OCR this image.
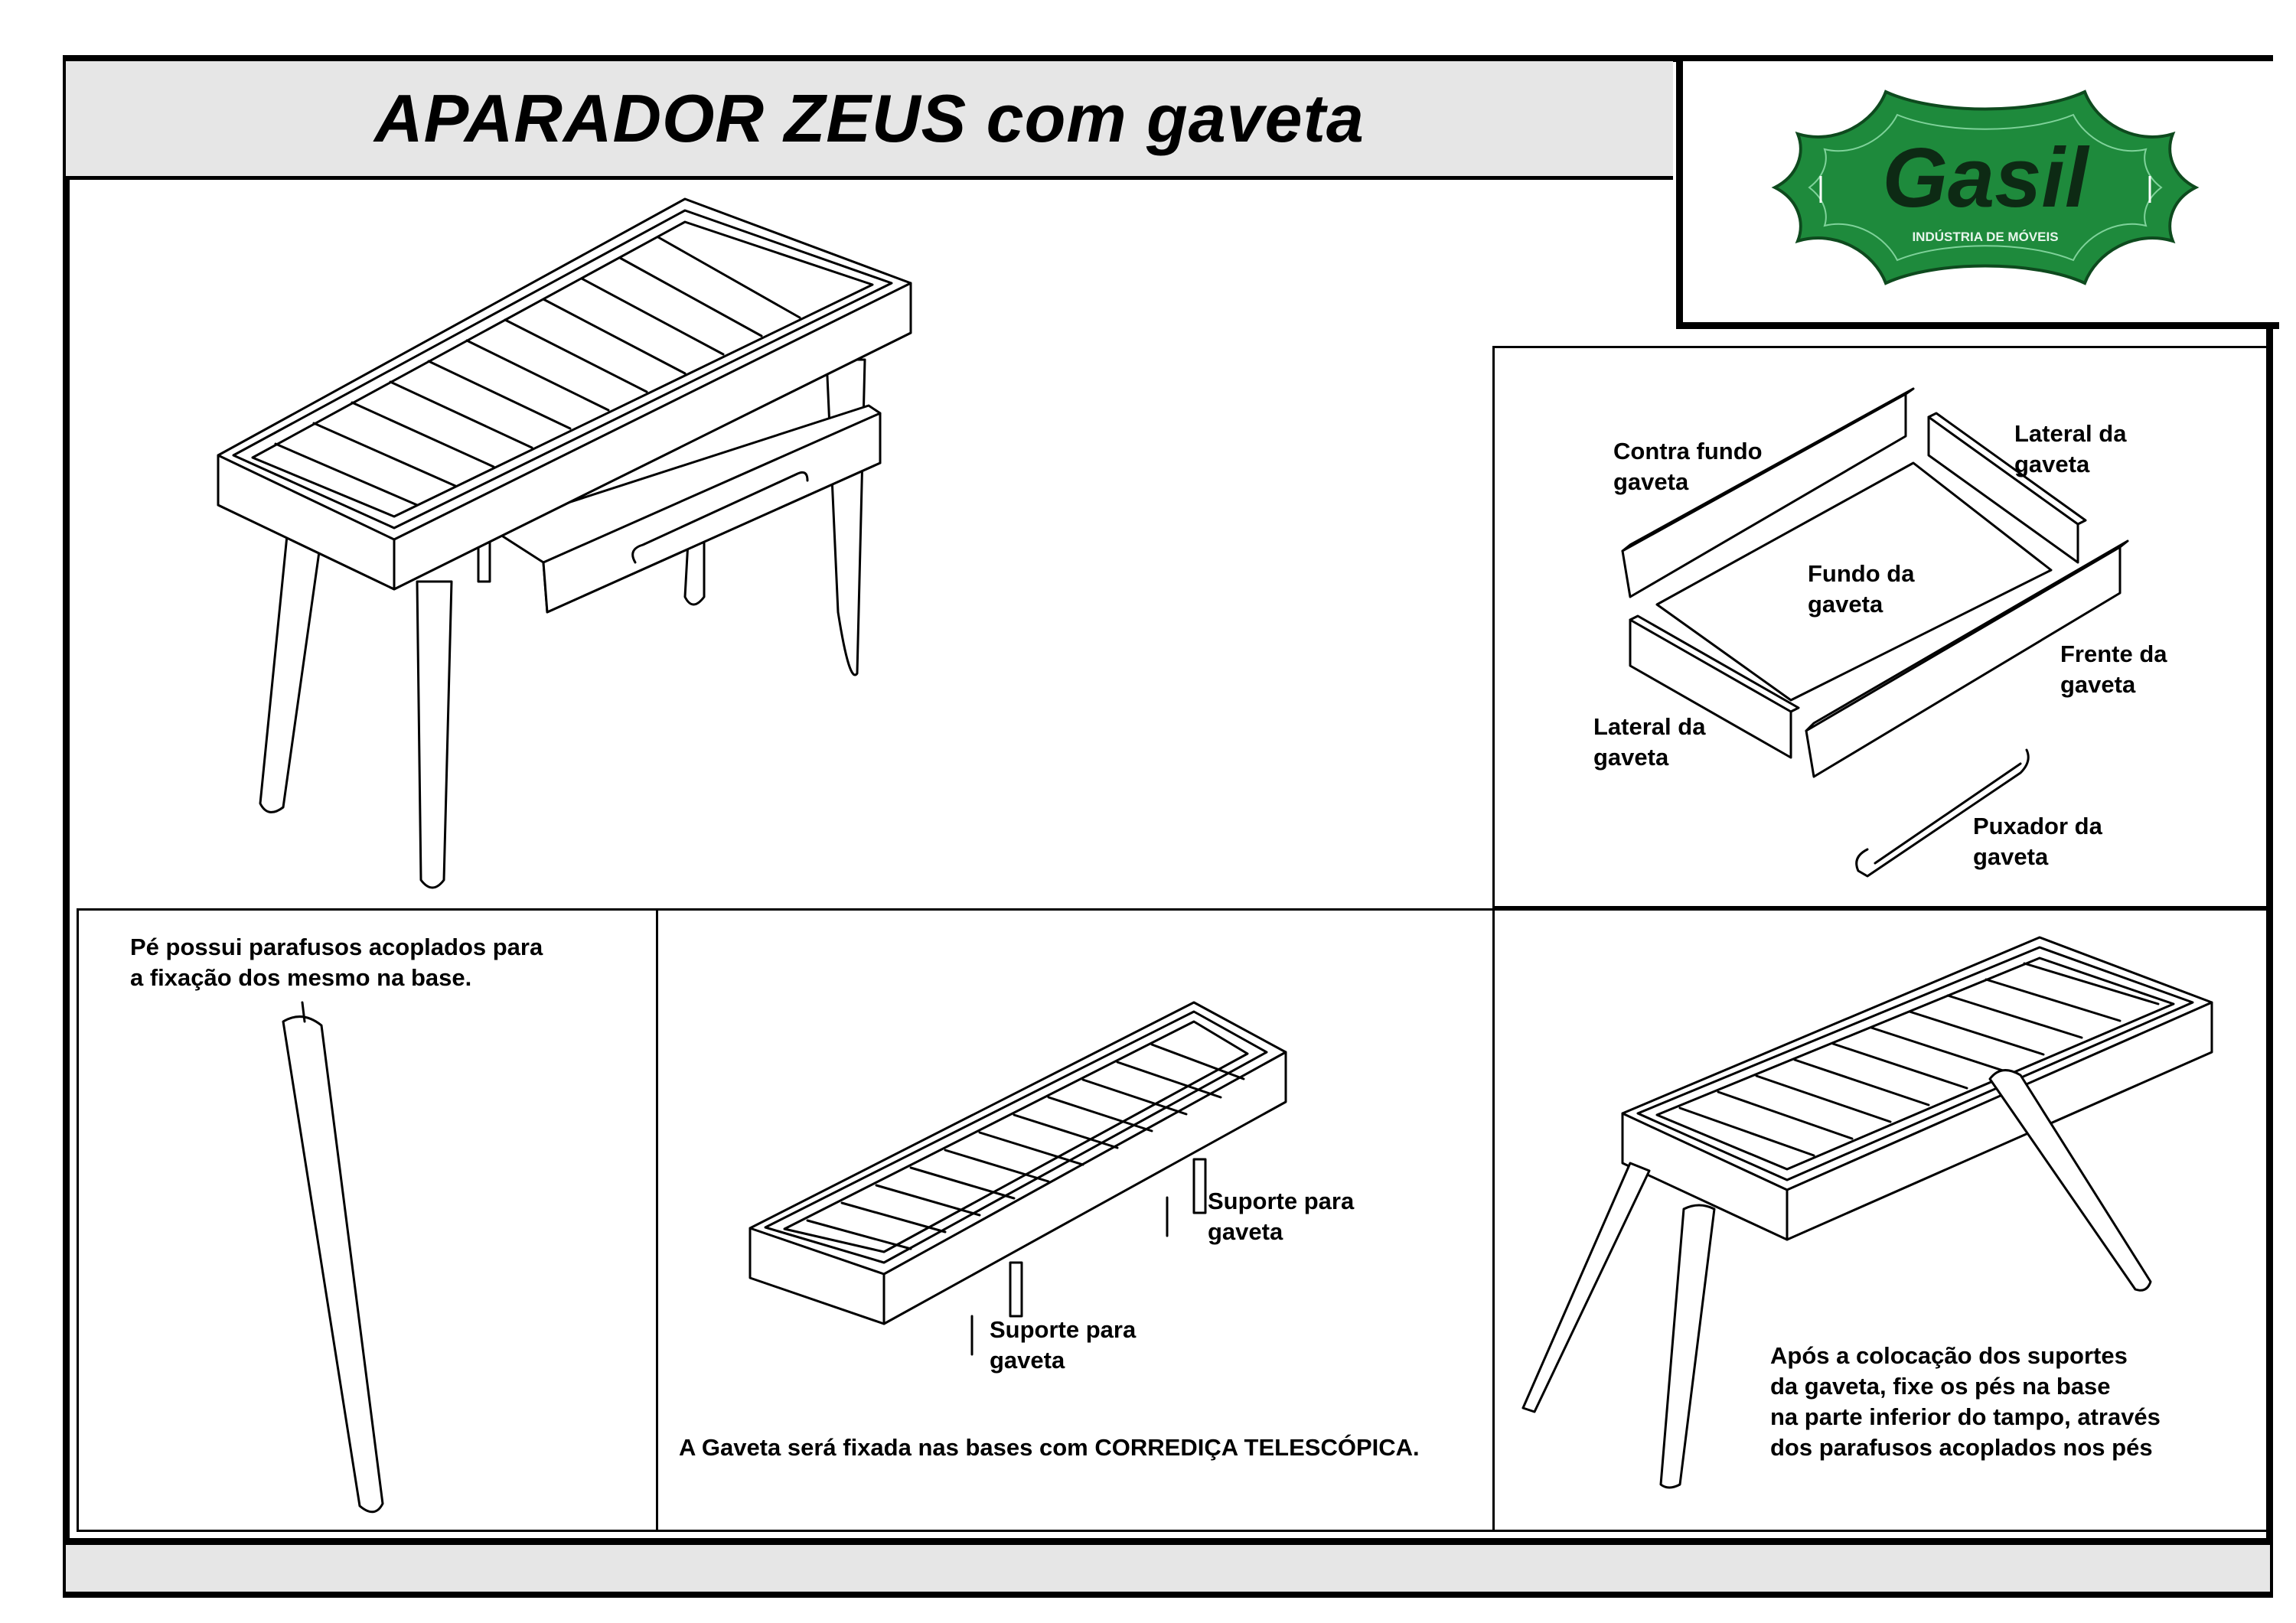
APARADOR ZEUS com gaveta
Gasil
INDÚSTRIA DE MÓVEIS
Contra fundo
gaveta
Lateral da
gaveta
Fundo da
gaveta
Frente da
gaveta
Lateral da
gaveta
Puxador da
gaveta
Pé possui parafusos acoplados para
a fixação dos mesmo na base.
Suporte para
gaveta
Suporte para
gaveta
A Gaveta será fixada nas bases com CORREDIÇA TELESCÓPICA.
Após a colocação dos suportes
da gaveta, fixe os pés na base
na parte inferior do tampo, através
dos parafusos acoplados nos pés
